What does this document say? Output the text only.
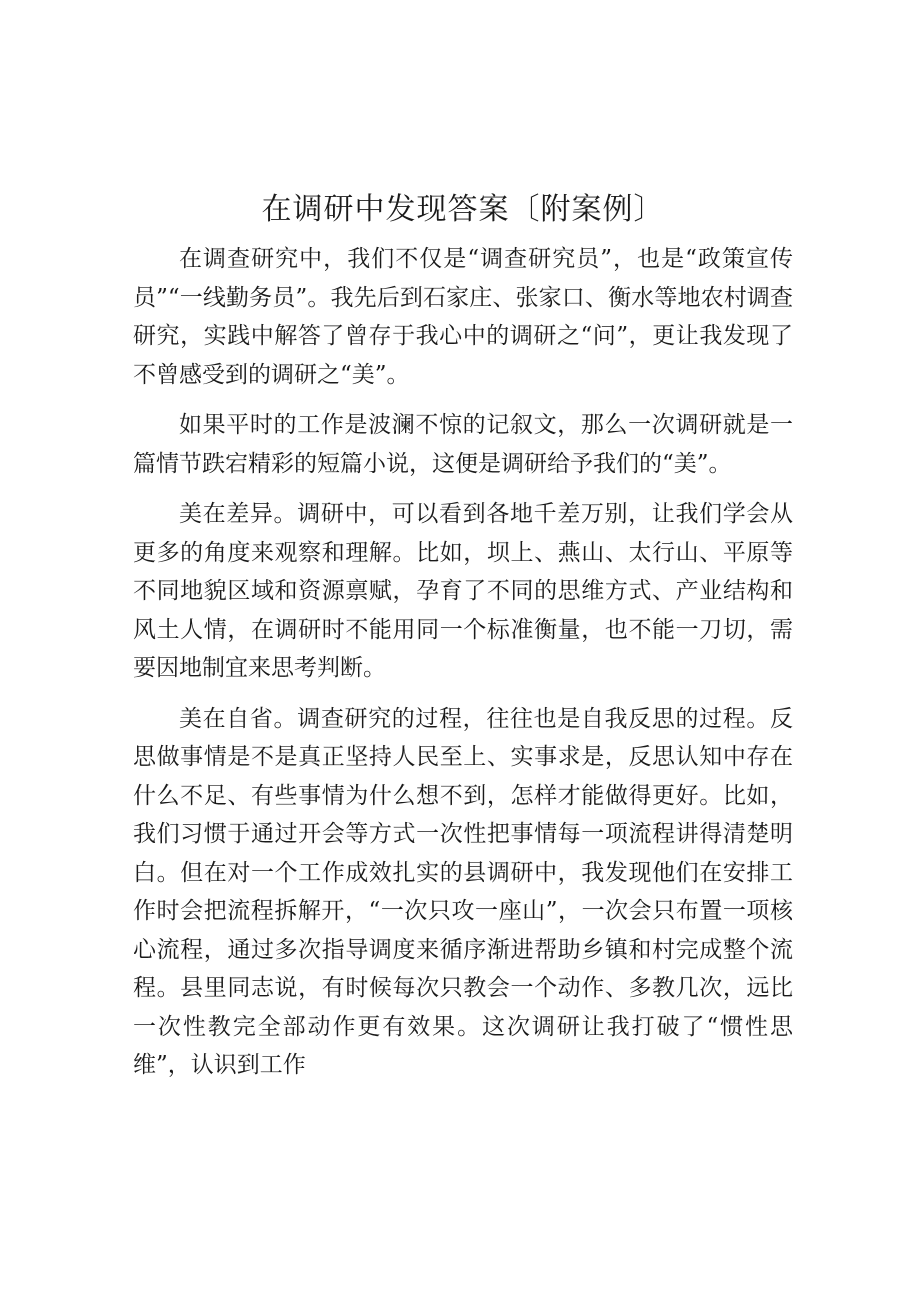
在调研中发现答案〔附案例〕

在调查研究中，我们不仅是“调查研究员”，也是“政策宣传员”“一线勤务员”。我先后到石家庄、张家口、衡水等地农村调查研究，实践中解答了曾存于我心中的调研之“问”，更让我发现了不曾感受到的调研之“美”。

如果平时的工作是波澜不惊的记叙文，那么一次调研就是一篇情节跌宕精彩的短篇小说，这便是调研给予我们的“美”。

美在差异。调研中，可以看到各地千差万别，让我们学会从更多的角度来观察和理解。比如，坝上、燕山、太行山、平原等不同地貌区域和资源禀赋，孕育了不同的思维方式、产业结构和风土人情，在调研时不能用同一个标准衡量，也不能一刀切，需要因地制宜来思考判断。

美在自省。调查研究的过程，往往也是自我反思的过程。反思做事情是不是真正坚持人民至上、实事求是，反思认知中存在什么不足、有些事情为什么想不到，怎样才能做得更好。比如，我们习惯于通过开会等方式一次性把事情每一项流程讲得清楚明白。但在对一个工作成效扎实的县调研中，我发现他们在安排工作时会把流程拆解开，“一次只攻一座山”，一次会只布置一项核心流程，通过多次指导调度来循序渐进帮助乡镇和村完成整个流程。县里同志说，有时候每次只教会一个动作、多教几次，远比一次性教完全部动作更有效果。这次调研让我打破了“惯性思维”，认识到工作
